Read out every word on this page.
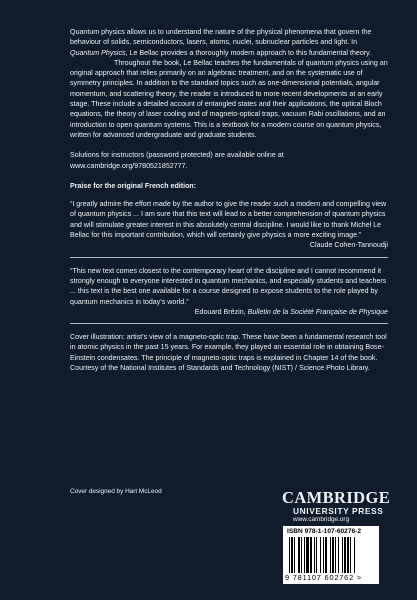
Quantum physics allows us to understand the nature of the physical phenomena that govern the behaviour of solids, semiconductors, lasers, atoms, nuclei, subnuclear particles and light. In Quantum Physics, Le Bellac provides a thoroughly modern approach to this fundamental theory.

Throughout the book, Le Bellac teaches the fundamentals of quantum physics using an original approach that relies primarily on an algebraic treatment, and on the systematic use of symmetry principles. In addition to the standard topics such as one-dimensional potentials, angular momentum, and scattering theory, the reader is introduced to more recent developments at an early stage. These include a detailed account of entangled states and their applications, the optical Bloch equations, the theory of laser cooling and of magneto-optical traps, vacuum Rabi oscillations, and an introduction to open quantum systems. This is a textbook for a modern course on quantum physics, written for advanced undergraduate and graduate students.

Solutions for instructors (password protected) are available online at www.cambridge.org/9780521852777.

Praise for the original French edition:

“I greatly admire the effort made by the author to give the reader such a modern and compelling view of quantum physics ... I am sure that this text will lead to a better comprehension of quantum physics and will stimulate greater interest in this absolutely central discipline. I would like to thank Michel Le Bellac for this important contribution, which will certainly give physics a more exciting image.”

Claude Cohen-Tannoudji

“This new text comes closest to the contemporary heart of the discipline and I cannot recommend it strongly enough to everyone interested in quantum mechanics, and especially students and teachers ... this text is the best one available for a course designed to expose students to the role played by quantum mechanics in today’s world.”

Edouard Brézin, Bulletin de la Société Française de Physique

Cover illustration: artist’s view of a magneto-optic trap. These have been a fundamental research tool in atomic physics in the past 15 years. For example, they played an essential role in obtaining Bose-Einstein condensates. The principle of magneto-optic traps is explained in Chapter 14 of the book. Courtesy of the National Institutes of Standards and Technology (NIST) / Science Photo Library.

Cover designed by Hart McLeod	CAMBRIDGE
UNIVERSITY PRESS
www.cambridge.org
ISBN 978-1-107-60276-2
9 781107 602762 >
